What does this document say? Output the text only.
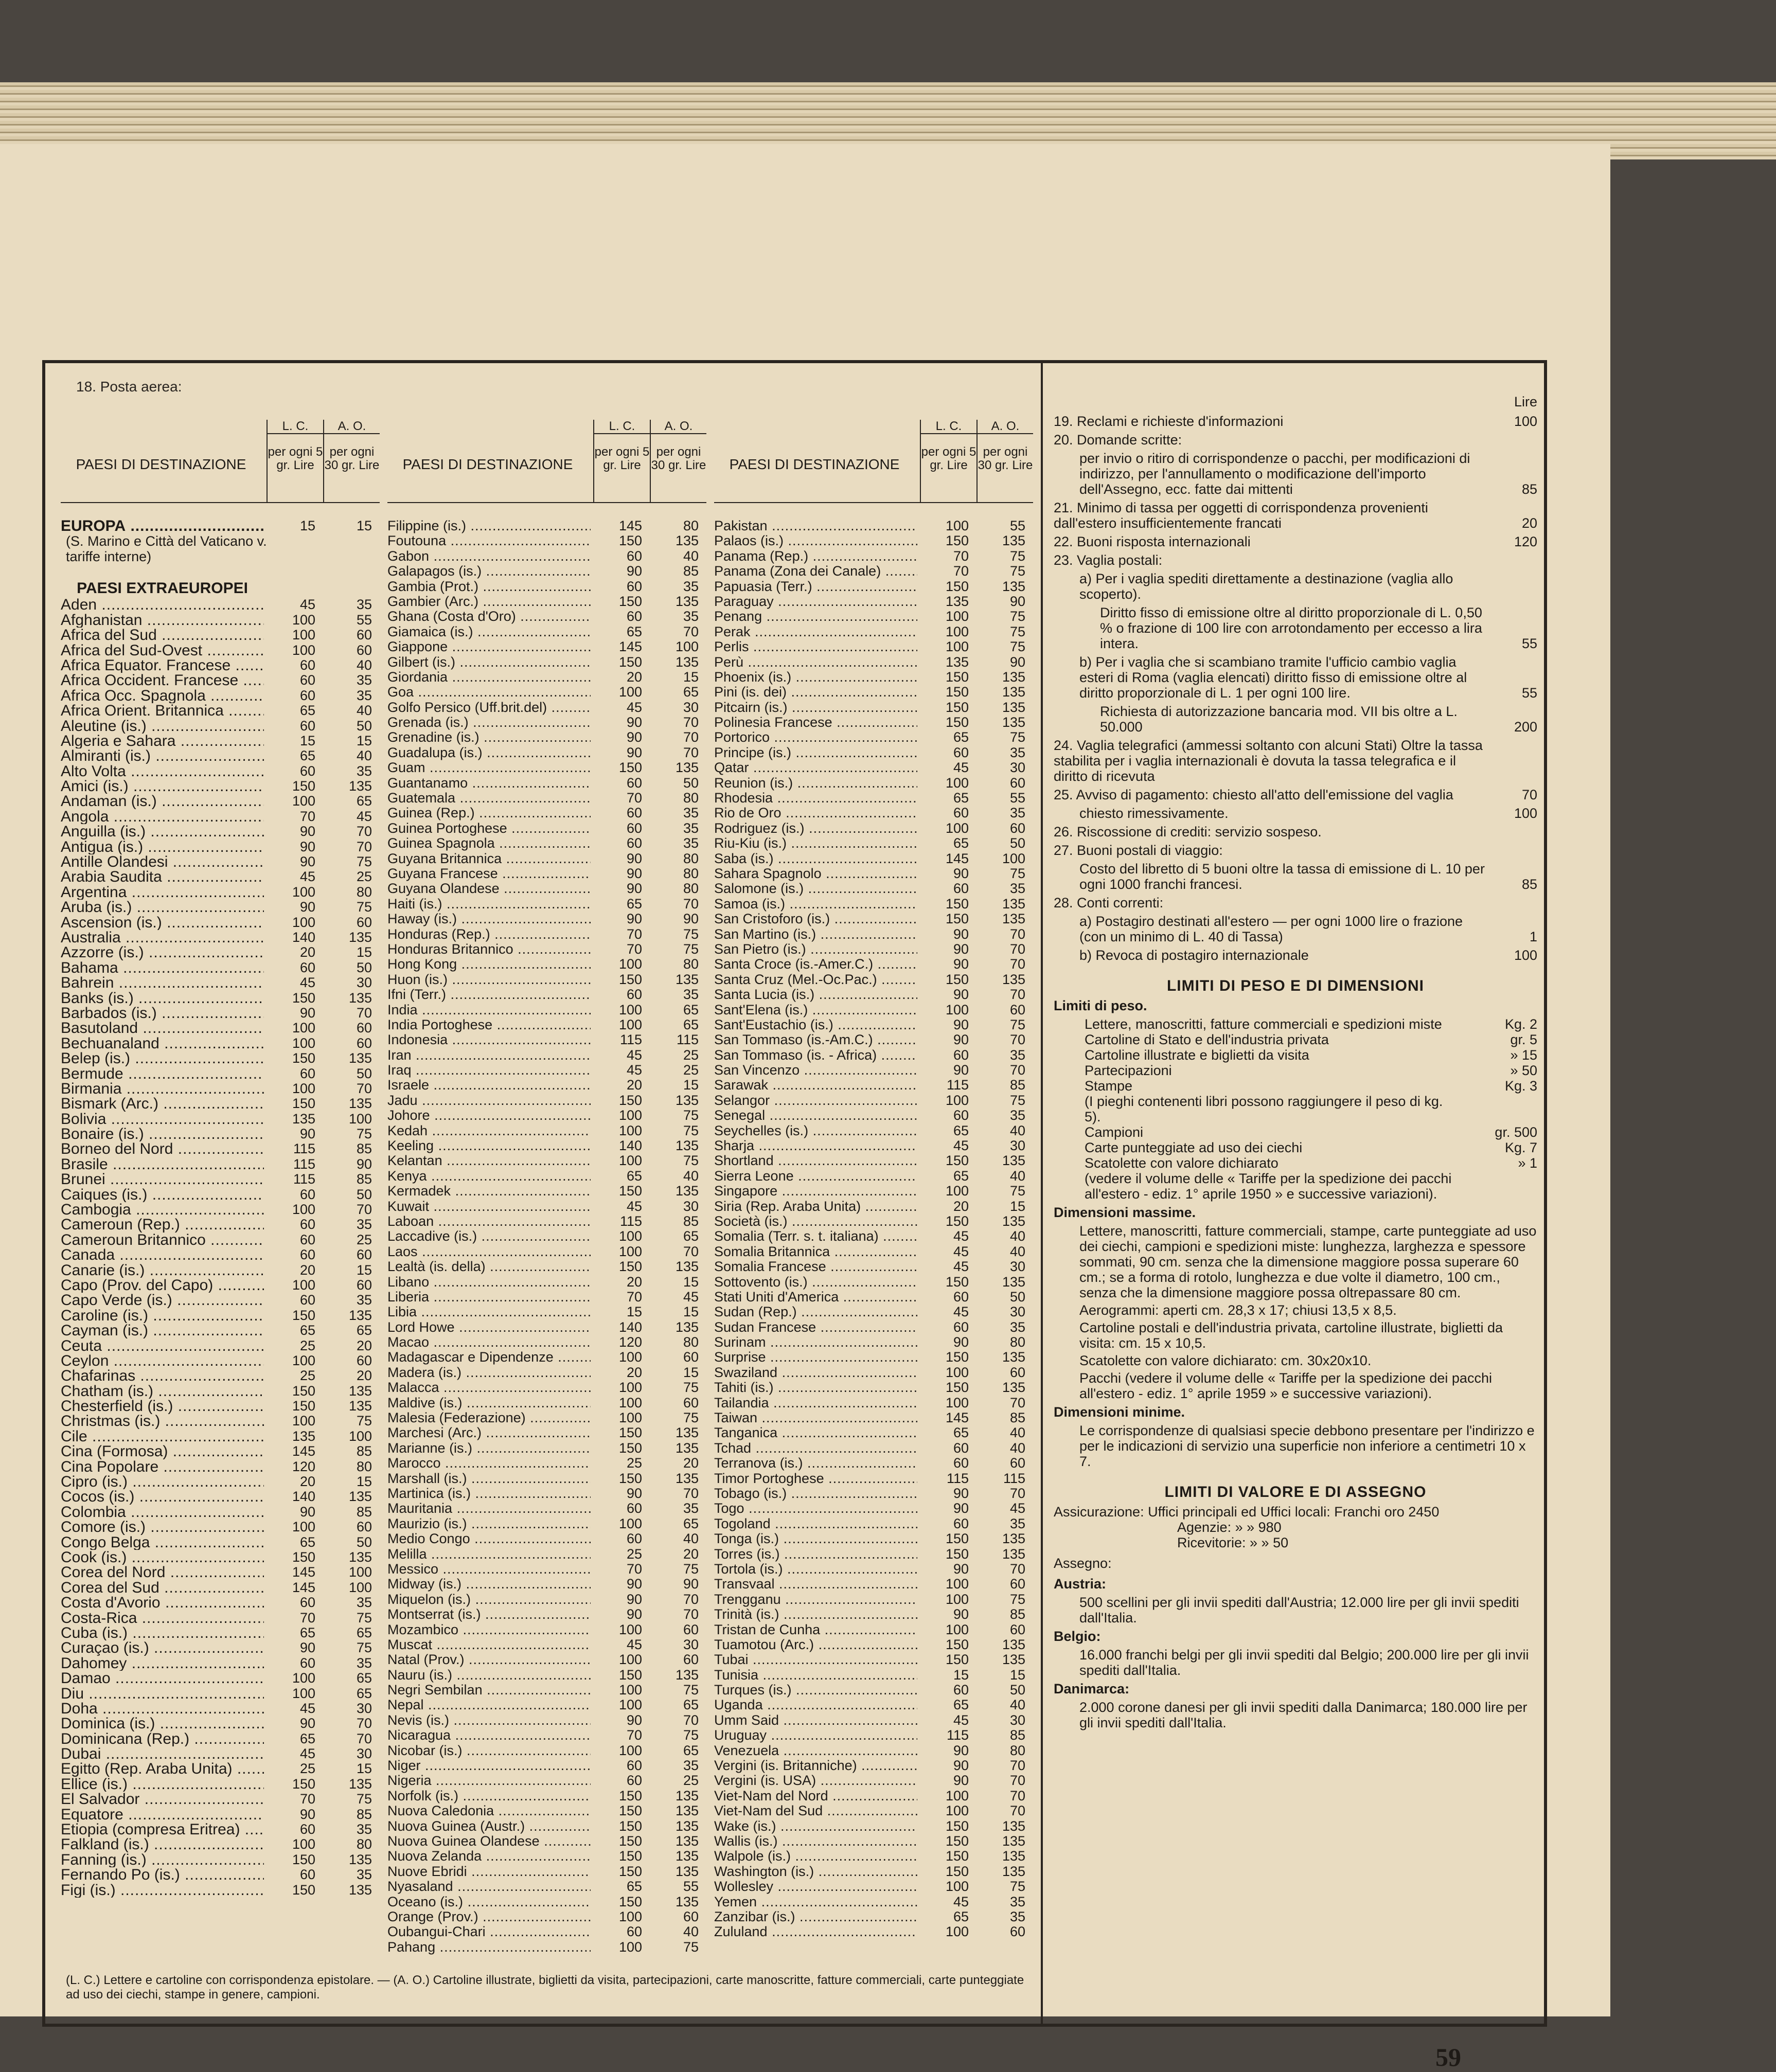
18. Posta aerea:
PAESI DI DESTINAZIONE
L. C.
per ogni 5 gr. Lire
A. O.
per ogni 30 gr. Lire
EUROPA .....	15	15
(S. Marino e Città del Vaticano v. tariffe interne)
PAESI EXTRAEUROPEI
Aden .....	45	35
Afghanistan .....	100	55
Africa del Sud .....	100	60
Africa del Sud-Ovest .....	100	60
Africa Equator. Francese .....	60	40
Africa Occident. Francese .....	60	35
Africa Occ. Spagnola .....	60	35
Africa Orient. Britannica .....	65	40
Aleutine (is.) .....	60	50
Algeria e Sahara .....	15	15
Almiranti (is.) .....	65	40
Alto Volta .....	60	35
Amici (is.) .....	150	135
Andaman (is.) .....	100	65
Angola .....	70	45
Anguilla (is.) .....	90	70
Antigua (is.) .....	90	70
Antille Olandesi .....	90	75
Arabia Saudita .....	45	25
Argentina .....	100	80
Aruba (is.) .....	90	75
Ascension (is.) .....	100	60
Australia .....	140	135
Azzorre (is.) .....	20	15
Bahama .....	60	50
Bahrein .....	45	30
Banks (is.) .....	150	135
Barbados (is.) .....	90	70
Basutoland .....	100	60
Bechuanaland .....	100	60
Belep (is.) .....	150	135
Bermude .....	60	50
Birmania .....	100	70
Bismark (Arc.) .....	150	135
Bolivia .....	135	100
Bonaire (is.) .....	90	75
Borneo del Nord .....	115	85
Brasile .....	115	90
Brunei .....	115	85
Caiques (is.) .....	60	50
Cambogia .....	100	70
Cameroun (Rep.) .....	60	35
Cameroun Britannico .....	60	25
Canada .....	60	60
Canarie (is.) .....	20	15
Capo (Prov. del Capo) .....	100	60
Capo Verde (is.) .....	60	35
Caroline (is.) .....	150	135
Cayman (is.) .....	65	65
Ceuta .....	25	20
Ceylon .....	100	60
Chafarinas .....	25	20
Chatham (is.) .....	150	135
Chesterfield (is.) .....	150	135
Christmas (is.) .....	100	75
Cile .....	135	100
Cina (Formosa) .....	145	85
Cina Popolare .....	120	80
Cipro (is.) .....	20	15
Cocos (is.) .....	140	135
Colombia .....	90	85
Comore (is.) .....	100	60
Congo Belga .....	65	50
Cook (is.) .....	150	135
Corea del Nord .....	145	100
Corea del Sud .....	145	100
Costa d'Avorio .....	60	35
Costa-Rica .....	70	75
Cuba (is.) .....	65	65
Curaçao (is.) .....	90	75
Dahomey .....	60	35
Damao .....	100	65
Diu .....	100	65
Doha .....	45	30
Dominica (is.) .....	90	70
Dominicana (Rep.) .....	65	70
Dubai .....	45	30
Egitto (Rep. Araba Unita) .....	25	15
Ellice (is.) .....	150	135
El Salvador .....	70	75
Equatore .....	90	85
Etiopia (compresa Eritrea) .....	60	35
Falkland (is.) .....	100	80
Fanning (is.) .....	150	135
Fernando Po (is.) .....	60	35
Figi (is.) .....	150	135
PAESI DI DESTINAZIONE
L. C.
per ogni 5 gr. Lire
A. O.
per ogni 30 gr. Lire
Filippine (is.) .....	145	80
Foutouna .....	150	135
Gabon .....	60	40
Galapagos (is.) .....	90	85
Gambia (Prot.) .....	60	35
Gambier (Arc.) .....	150	135
Ghana (Costa d'Oro) .....	60	35
Giamaica (is.) .....	65	70
Giappone .....	145	100
Gilbert (is.) .....	150	135
Giordania .....	20	15
Goa .....	100	65
Golfo Persico (Uff.brit.del) .....	45	30
Grenada (is.) .....	90	70
Grenadine (is.) .....	90	70
Guadalupa (is.) .....	90	70
Guam .....	150	135
Guantanamo .....	60	50
Guatemala .....	70	80
Guinea (Rep.) .....	60	35
Guinea Portoghese .....	60	35
Guinea Spagnola .....	60	35
Guyana Britannica .....	90	80
Guyana Francese .....	90	80
Guyana Olandese .....	90	80
Haiti (is.) .....	65	70
Haway (is.) .....	90	90
Honduras (Rep.) .....	70	75
Honduras Britannico .....	70	75
Hong Kong .....	100	80
Huon (is.) .....	150	135
Ifni (Terr.) .....	60	35
India .....	100	65
India Portoghese .....	100	65
Indonesia .....	115	115
Iran .....	45	25
Iraq .....	45	25
Israele .....	20	15
Jadu .....	150	135
Johore .....	100	75
Kedah .....	100	75
Keeling .....	140	135
Kelantan .....	100	75
Kenya .....	65	40
Kermadek .....	150	135
Kuwait .....	45	30
Laboan .....	115	85
Laccadive (is.) .....	100	65
Laos .....	100	70
Lealtà (is. della) .....	150	135
Libano .....	20	15
Liberia .....	70	45
Libia .....	15	15
Lord Howe .....	140	135
Macao .....	120	80
Madagascar e Dipendenze .....	100	60
Madera (is.) .....	20	15
Malacca .....	100	75
Maldive (is.) .....	100	60
Malesia (Federazione) .....	100	75
Marchesi (Arc.) .....	150	135
Marianne (is.) .....	150	135
Marocco .....	25	20
Marshall (is.) .....	150	135
Martinica (is.) .....	90	70
Mauritania .....	60	35
Maurizio (is.) .....	100	65
Medio Congo .....	60	40
Melilla .....	25	20
Messico .....	70	75
Midway (is.) .....	90	90
Miquelon (is.) .....	90	70
Montserrat (is.) .....	90	70
Mozambico .....	100	60
Muscat .....	45	30
Natal (Prov.) .....	100	60
Nauru (is.) .....	150	135
Negri Sembilan .....	100	75
Nepal .....	100	65
Nevis (is.) .....	90	70
Nicaragua .....	70	75
Nicobar (is.) .....	100	65
Niger .....	60	35
Nigeria .....	60	25
Norfolk (is.) .....	150	135
Nuova Caledonia .....	150	135
Nuova Guinea (Austr.) .....	150	135
Nuova Guinea Olandese .....	150	135
Nuova Zelanda .....	150	135
Nuove Ebridi .....	150	135
Nyasaland .....	65	55
Oceano (is.) .....	150	135
Orange (Prov.) .....	100	60
Oubangui-Chari .....	60	40
Pahang .....	100	75
PAESI DI DESTINAZIONE
L. C.
per ogni 5 gr. Lire
A. O.
per ogni 30 gr. Lire
Pakistan .....	100	55
Palaos (is.) .....	150	135
Panama (Rep.) .....	70	75
Panama (Zona dei Canale) .....	70	75
Papuasia (Terr.) .....	150	135
Paraguay .....	135	90
Penang .....	100	75
Perak .....	100	75
Perlis .....	100	75
Perù .....	135	90
Phoenix (is.) .....	150	135
Pini (is. dei) .....	150	135
Pitcairn (is.) .....	150	135
Polinesia Francese .....	150	135
Portorico .....	65	75
Principe (is.) .....	60	35
Qatar .....	45	30
Reunion (is.) .....	100	60
Rhodesia .....	65	55
Rio de Oro .....	60	35
Rodriguez (is.) .....	100	60
Riu-Kiu (is.) .....	65	50
Saba (is.) .....	145	100
Sahara Spagnolo .....	90	75
Salomone (is.) .....	60	35
Samoa (is.) .....	150	135
San Cristoforo (is.) .....	150	135
San Martino (is.) .....	90	70
San Pietro (is.) .....	90	70
Santa Croce (is.-Amer.C.) .....	90	70
Santa Cruz (Mel.-Oc.Pac.) .....	150	135
Santa Lucia (is.) .....	90	70
Sant'Elena (is.) .....	100	60
Sant'Eustachio (is.) .....	90	75
San Tommaso (is.-Am.C.) .....	90	70
San Tommaso (is. - Africa) .....	60	35
San Vincenzo .....	90	70
Sarawak .....	115	85
Selangor .....	100	75
Senegal .....	60	35
Seychelles (is.) .....	65	40
Sharja .....	45	30
Shortland .....	150	135
Sierra Leone .....	65	40
Singapore .....	100	75
Siria (Rep. Araba Unita) .....	20	15
Società (is.) .....	150	135
Somalia (Terr. s. t. italiana) .....	45	40
Somalia Britannica .....	45	40
Somalia Francese .....	45	30
Sottovento (is.) .....	150	135
Stati Uniti d'America .....	60	50
Sudan (Rep.) .....	45	30
Sudan Francese .....	60	35
Surinam .....	90	80
Surprise .....	150	135
Swaziland .....	100	60
Tahiti (is.) .....	150	135
Tailandia .....	100	70
Taiwan .....	145	85
Tanganica .....	65	40
Tchad .....	60	40
Terranova (is.) .....	60	60
Timor Portoghese .....	115	115
Tobago (is.) .....	90	70
Togo .....	90	45
Togoland .....	60	35
Tonga (is.) .....	150	135
Torres (is.) .....	150	135
Tortola (is.) .....	90	70
Transvaal .....	100	60
Trengganu .....	100	75
Trinità (is.) .....	90	85
Tristan de Cunha .....	100	60
Tuamotou (Arc.) .....	150	135
Tubai .....	150	135
Tunisia .....	15	15
Turques (is.) .....	60	50
Uganda .....	65	40
Umm Said .....	45	30
Uruguay .....	115	85
Venezuela .....	90	80
Vergini (is. Britanniche) .....	90	70
Vergini (is. USA) .....	90	70
Viet-Nam del Nord .....	100	70
Viet-Nam del Sud .....	100	70
Wake (is.) .....	150	135
Wallis (is.) .....	150	135
Walpole (is.) .....	150	135
Washington (is.) .....	150	135
Wollesley .....	100	75
Yemen .....	45	35
Zanzibar (is.) .....	65	35
Zululand .....	100	60
(L. C.) Lettere e cartoline con corrispondenza epistolare. — (A. O.) Cartoline illustrate, biglietti da visita, partecipazioni, carte manoscritte, fatture commerciali, carte punteggiate ad uso dei ciechi, stampe in genere, campioni.
Lire
19. Reclami e richieste d'informazioni	100
20. Domande scritte:
per invio o ritiro di corrispondenze o pacchi, per modificazioni di indirizzo, per l'annullamento o modificazione dell'importo dell'Assegno, ecc. fatte dai mittenti	85
21. Minimo di tassa per oggetti di corrispondenza provenienti dall'estero insufficientemente francati	20
22. Buoni risposta internazionali	120
23. Vaglia postali:
a) Per i vaglia spediti direttamente a destinazione (vaglia allo scoperto).
Diritto fisso di emissione oltre al diritto proporzionale di L. 0,50 % o frazione di 100 lire con arrotondamento per eccesso a lira intera.	55
b) Per i vaglia che si scambiano tramite l'ufficio cambio vaglia esteri di Roma (vaglia elencati) diritto fisso di emissione oltre al diritto proporzionale di L. 1 per ogni 100 lire.	55
Richiesta di autorizzazione bancaria mod. VII bis oltre a L. 50.000	200
24. Vaglia telegrafici (ammessi soltanto con alcuni Stati) Oltre la tassa stabilita per i vaglia internazionali è dovuta la tassa telegrafica e il diritto di ricevuta
25. Avviso di pagamento: chiesto all'atto dell'emissione del vaglia	70
chiesto rimessivamente.	100
26. Riscossione di crediti: servizio sospeso.
27. Buoni postali di viaggio:
Costo del libretto di 5 buoni oltre la tassa di emissione di L. 10 per ogni 1000 franchi francesi.	85
28. Conti correnti:
a) Postagiro destinati all'estero — per ogni 1000 lire o frazione (con un minimo di L. 40 di Tassa)	1
b) Revoca di postagiro internazionale	100
LIMITI DI PESO E DI DIMENSIONI
Limiti di peso.
Lettere, manoscritti, fatture commerciali e spedizioni miste	Kg. 2
Cartoline di Stato e dell'industria privata	gr. 5
Cartoline illustrate e biglietti da visita	» 15
Partecipazioni	» 50
Stampe	Kg. 3
(I pieghi contenenti libri possono raggiungere il peso di kg. 5).
Campioni	gr. 500
Carte punteggiate ad uso dei ciechi	Kg. 7
Scatolette con valore dichiarato	» 1
(vedere il volume delle « Tariffe per la spedizione dei pacchi all'estero - ediz. 1° aprile 1950 » e successive variazioni).
Dimensioni massime.
Lettere, manoscritti, fatture commerciali, stampe, carte punteggiate ad uso dei ciechi, campioni e spedizioni miste: lunghezza, larghezza e spessore sommati, 90 cm. senza che la dimensione maggiore possa superare 60 cm.; se a forma di rotolo, lunghezza e due volte il diametro, 100 cm., senza che la dimensione maggiore possa oltrepassare 80 cm.
Aerogrammi: aperti cm. 28,3 x 17; chiusi 13,5 x 8,5.
Cartoline postali e dell'industria privata, cartoline illustrate, biglietti da visita: cm. 15 x 10,5.
Scatolette con valore dichiarato: cm. 30x20x10.
Pacchi (vedere il volume delle « Tariffe per la spedizione dei pacchi all'estero - ediz. 1° aprile 1959 » e successive variazioni).
Dimensioni minime.
Le corrispondenze di qualsiasi specie debbono presentare per l'indirizzo e per le indicazioni di servizio una superficie non inferiore a centimetri 10 x 7.
LIMITI DI VALORE E DI ASSEGNO
Assicurazione: Uffici principali ed Uffici locali: Franchi oro 2450
Agenzie: » » 980
Ricevitorie: » » 50
Assegno:
Austria:
500 scellini per gli invii spediti dall'Austria; 12.000 lire per gli invii spediti dall'Italia.
Belgio:
16.000 franchi belgi per gli invii spediti dal Belgio; 200.000 lire per gli invii spediti dall'Italia.
Danimarca:
2.000 corone danesi per gli invii spediti dalla Danimarca; 180.000 lire per gli invii spediti dall'Italia.
59
